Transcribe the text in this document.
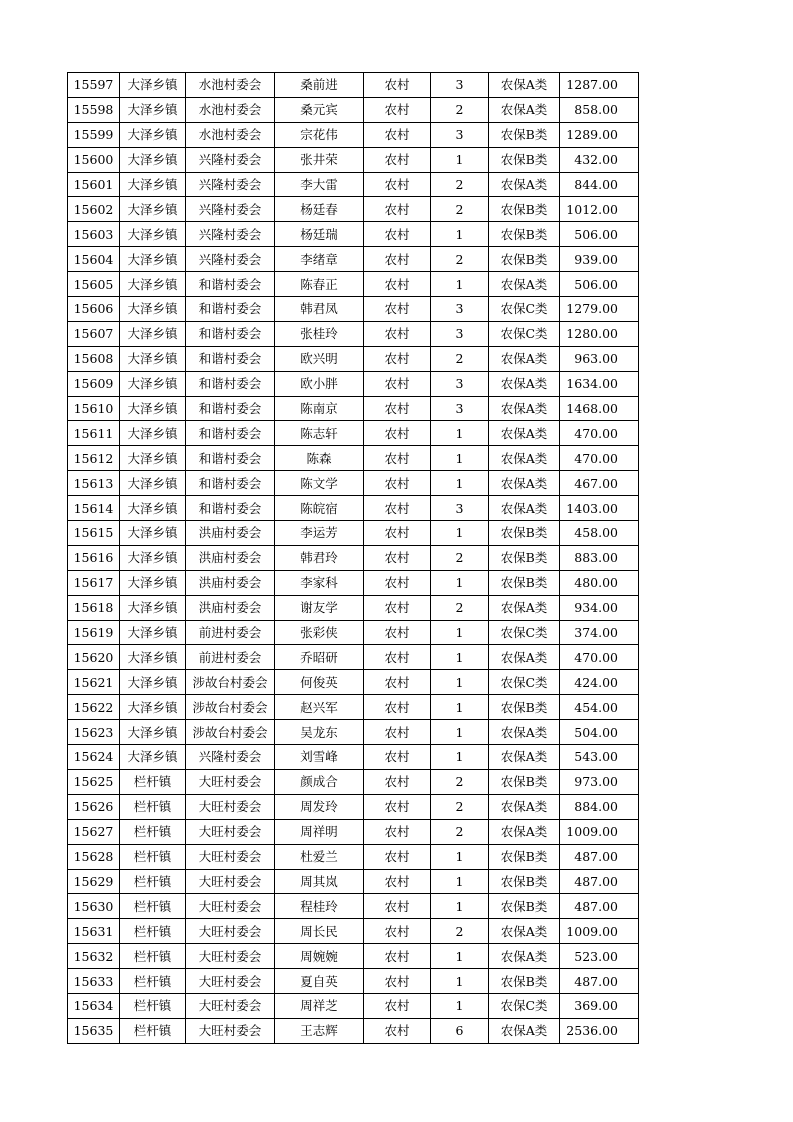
15597	大泽乡镇	水池村委会	桑前进	农村	3	农保A类	1287.00
15598	大泽乡镇	水池村委会	桑元宾	农村	2	农保A类	858.00
15599	大泽乡镇	水池村委会	宗花伟	农村	3	农保B类	1289.00
15600	大泽乡镇	兴隆村委会	张井荣	农村	1	农保B类	432.00
15601	大泽乡镇	兴隆村委会	李大雷	农村	2	农保A类	844.00
15602	大泽乡镇	兴隆村委会	杨廷春	农村	2	农保B类	1012.00
15603	大泽乡镇	兴隆村委会	杨廷瑞	农村	1	农保B类	506.00
15604	大泽乡镇	兴隆村委会	李绪章	农村	2	农保B类	939.00
15605	大泽乡镇	和谐村委会	陈春正	农村	1	农保A类	506.00
15606	大泽乡镇	和谐村委会	韩君凤	农村	3	农保C类	1279.00
15607	大泽乡镇	和谐村委会	张桂玲	农村	3	农保C类	1280.00
15608	大泽乡镇	和谐村委会	欧兴明	农村	2	农保A类	963.00
15609	大泽乡镇	和谐村委会	欧小胖	农村	3	农保A类	1634.00
15610	大泽乡镇	和谐村委会	陈南京	农村	3	农保A类	1468.00
15611	大泽乡镇	和谐村委会	陈志轩	农村	1	农保A类	470.00
15612	大泽乡镇	和谐村委会	陈森	农村	1	农保A类	470.00
15613	大泽乡镇	和谐村委会	陈文学	农村	1	农保A类	467.00
15614	大泽乡镇	和谐村委会	陈皖宿	农村	3	农保A类	1403.00
15615	大泽乡镇	洪庙村委会	李运芳	农村	1	农保B类	458.00
15616	大泽乡镇	洪庙村委会	韩君玲	农村	2	农保B类	883.00
15617	大泽乡镇	洪庙村委会	李家科	农村	1	农保B类	480.00
15618	大泽乡镇	洪庙村委会	谢友学	农村	2	农保A类	934.00
15619	大泽乡镇	前进村委会	张彩侠	农村	1	农保C类	374.00
15620	大泽乡镇	前进村委会	乔昭研	农村	1	农保A类	470.00
15621	大泽乡镇	涉故台村委会	何俊英	农村	1	农保C类	424.00
15622	大泽乡镇	涉故台村委会	赵兴军	农村	1	农保B类	454.00
15623	大泽乡镇	涉故台村委会	吴龙东	农村	1	农保A类	504.00
15624	大泽乡镇	兴隆村委会	刘雪峰	农村	1	农保A类	543.00
15625	栏杆镇	大旺村委会	颜成合	农村	2	农保B类	973.00
15626	栏杆镇	大旺村委会	周发玲	农村	2	农保A类	884.00
15627	栏杆镇	大旺村委会	周祥明	农村	2	农保A类	1009.00
15628	栏杆镇	大旺村委会	杜爱兰	农村	1	农保B类	487.00
15629	栏杆镇	大旺村委会	周其岚	农村	1	农保B类	487.00
15630	栏杆镇	大旺村委会	程桂玲	农村	1	农保B类	487.00
15631	栏杆镇	大旺村委会	周长民	农村	2	农保A类	1009.00
15632	栏杆镇	大旺村委会	周婉婉	农村	1	农保A类	523.00
15633	栏杆镇	大旺村委会	夏自英	农村	1	农保B类	487.00
15634	栏杆镇	大旺村委会	周祥芝	农村	1	农保C类	369.00
15635	栏杆镇	大旺村委会	王志辉	农村	6	农保A类	2536.00
